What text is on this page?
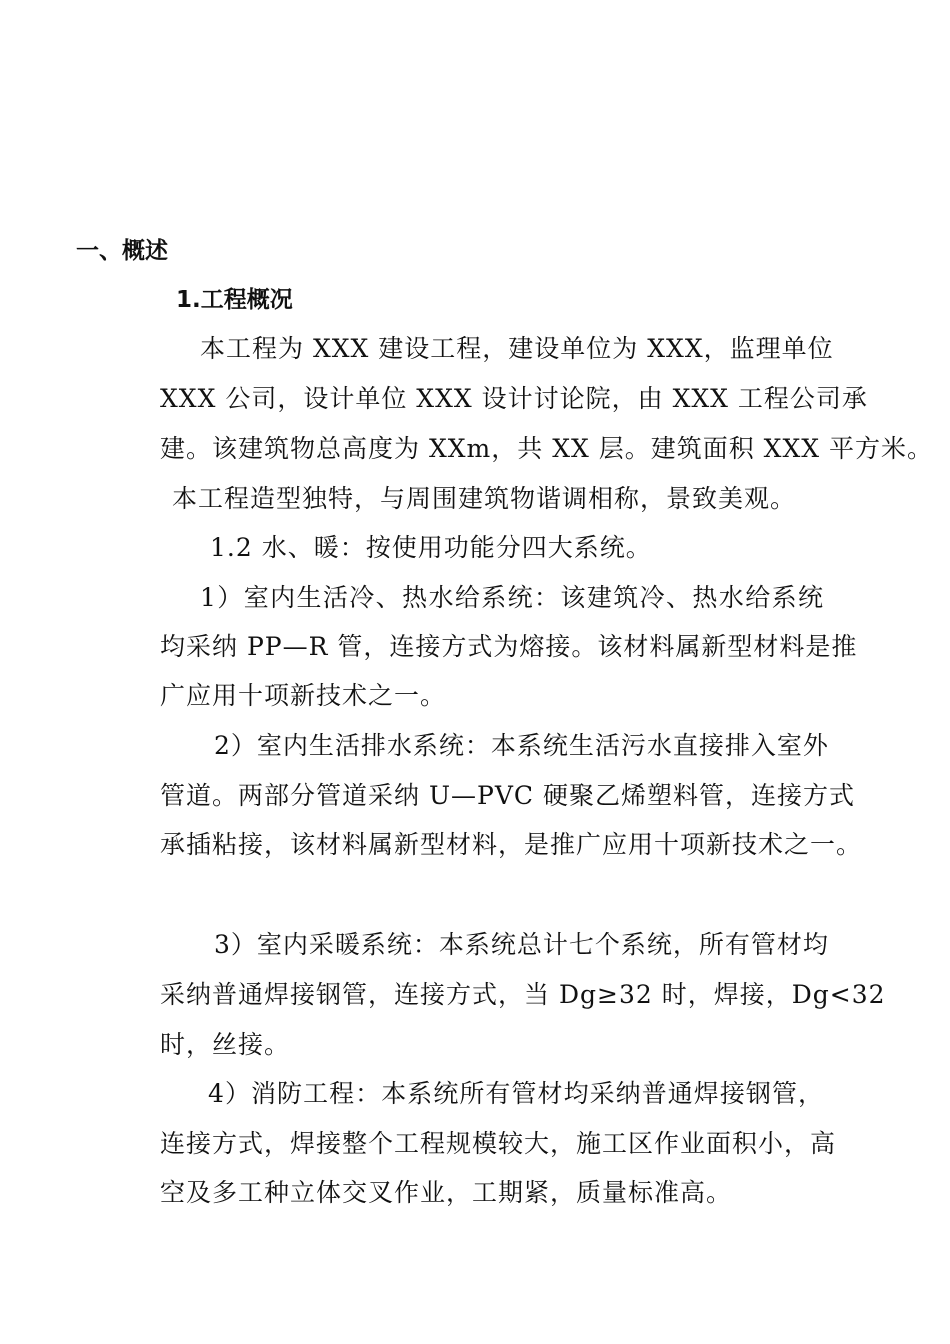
一、概述
1.工程概况
本工程为 XXX 建设工程，建设单位为 XXX，监理单位
XXX 公司，设计单位 XXX 设计讨论院，由 XXX 工程公司承
建。该建筑物总高度为 XXm，共 XX 层。建筑面积 XXX 平方米。
本工程造型独特，与周围建筑物谐调相称，景致美观。
1.2 水、暖：按使用功能分四大系统。
1）室内生活冷、热水给系统：该建筑冷、热水给系统
均采纳 PP—R 管，连接方式为熔接。该材料属新型材料是推
广应用十项新技术之一。
2）室内生活排水系统：本系统生活污水直接排入室外
管道。两部分管道采纳 U—PVC 硬聚乙烯塑料管，连接方式
承插粘接，该材料属新型材料，是推广应用十项新技术之一。
3）室内采暖系统：本系统总计七个系统，所有管材均
采纳普通焊接钢管，连接方式，当 Dg≥32 时，焊接，Dg<32
时，丝接。
4）消防工程：本系统所有管材均采纳普通焊接钢管，
连接方式，焊接整个工程规模较大，施工区作业面积小，高
空及多工种立体交叉作业，工期紧，质量标准高。
